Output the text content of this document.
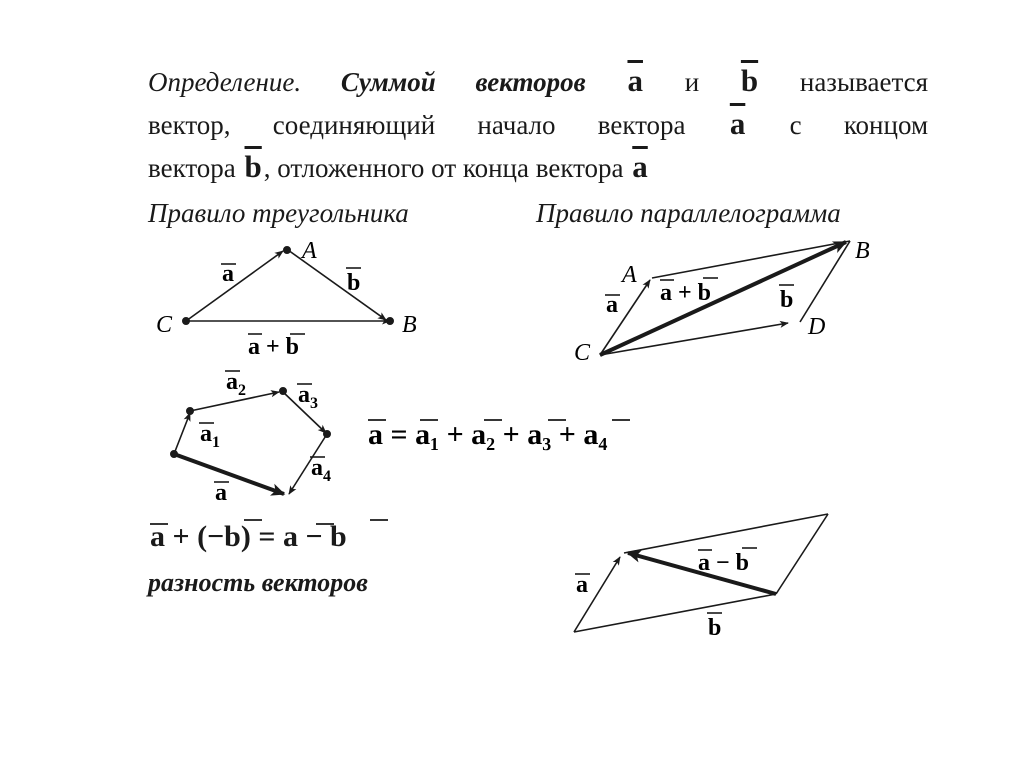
Определение. Суммой векторов $\overline{a}$ и $\overline{b}$ называется
вектор, соединяющий начало вектора $\overline{a}$ с концом
вектора $\overline{b}$, отложенного от конца вектора $\overline{a}$
Правило треугольника	Правило параллелограмма
A
B
C
a	b
a + b
A
B
C
D
a	b
a + b
$a_1$
$a_2$ $a_3$
$a_4$
a
a = a₁ + a₂ + a₃ + a₄
a
b
a − b
a + (−b) = a − b
разность векторов
